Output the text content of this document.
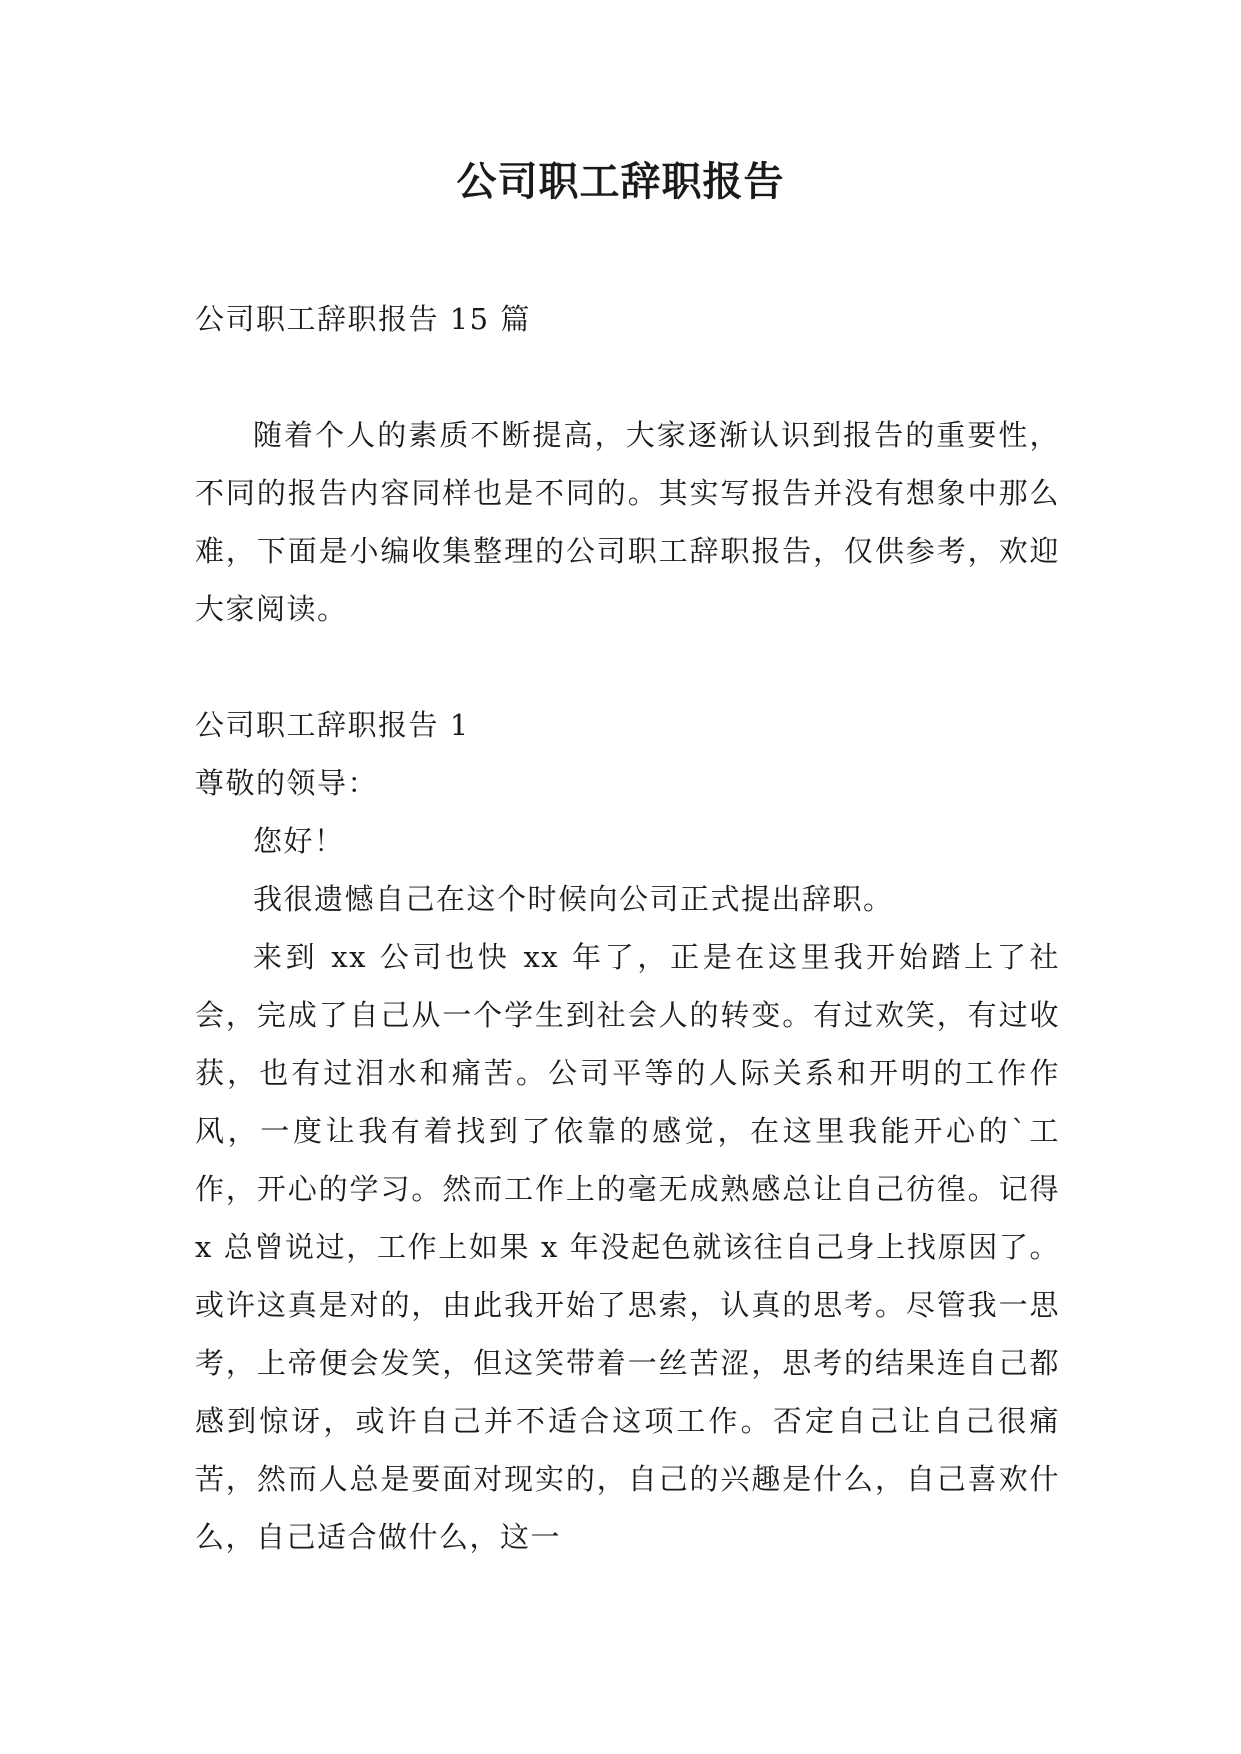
公司职工辞职报告

公司职工辞职报告 15 篇

随着个人的素质不断提高，大家逐渐认识到报告的重要性，不同的报告内容同样也是不同的。其实写报告并没有想象中那么难，下面是小编收集整理的公司职工辞职报告，仅供参考，欢迎大家阅读。

公司职工辞职报告 1

尊敬的领导：

您好！

我很遗憾自己在这个时候向公司正式提出辞职。

来到 xx 公司也快 xx 年了，正是在这里我开始踏上了社会，完成了自己从一个学生到社会人的转变。有过欢笑，有过收获，也有过泪水和痛苦。公司平等的人际关系和开明的工作作风，一度让我有着找到了依靠的感觉，在这里我能开心的`工作，开心的学习。然而工作上的毫无成熟感总让自己彷徨。记得 x 总曾说过，工作上如果 x 年没起色就该往自己身上找原因了。或许这真是对的，由此我开始了思索，认真的思考。尽管我一思考，上帝便会发笑，但这笑带着一丝苦涩，思考的结果连自己都感到惊讶，或许自己并不适合这项工作。否定自己让自己很痛苦，然而人总是要面对现实的，自己的兴趣是什么，自己喜欢什么，自己适合做什么，这一
